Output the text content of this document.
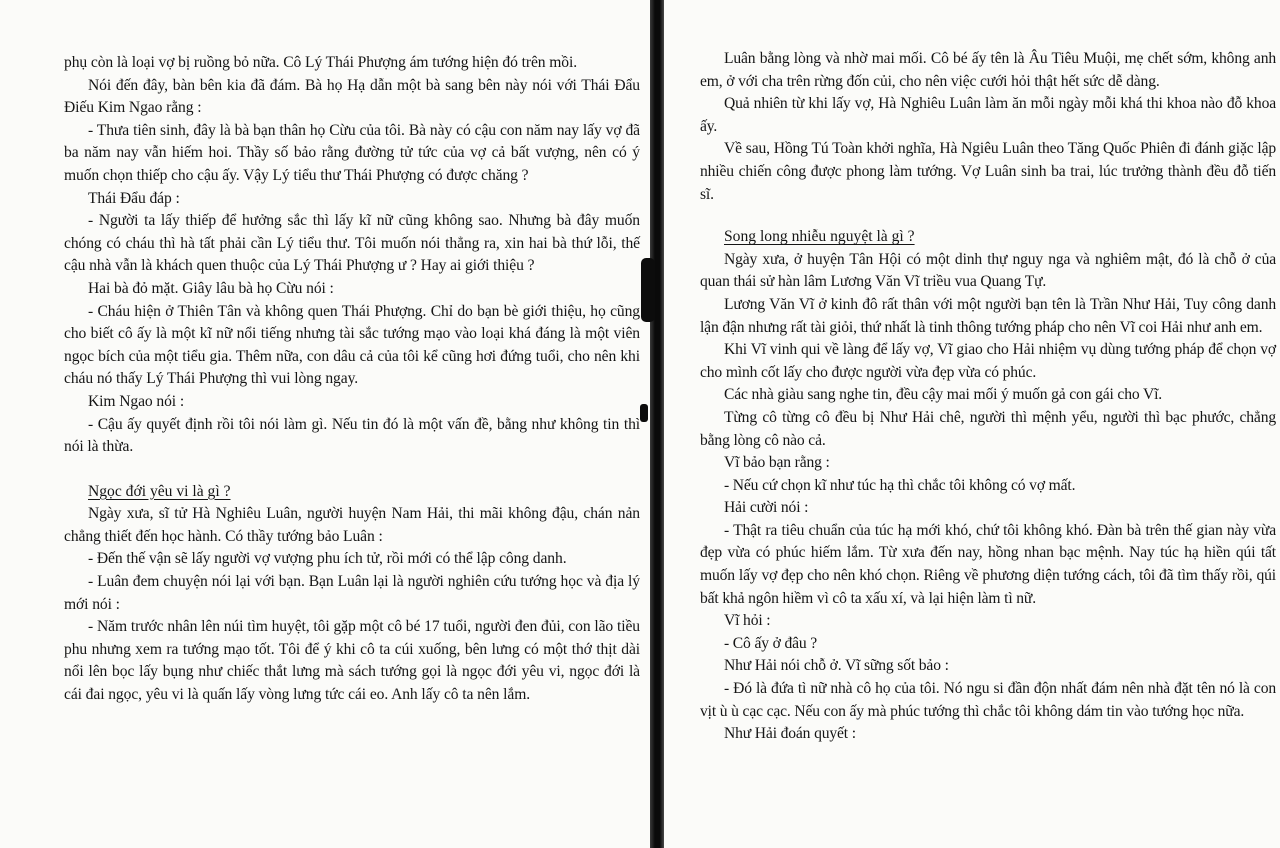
phụ còn là loại vợ bị ruồng bỏ nữa. Cô Lý Thái Phượng ám tướng hiện đó trên mồi.

Nói đến đây, bàn bên kia đã đám. Bà họ Hạ dẫn một bà sang bên này nói với Thái Đẩu Điếu Kim Ngao rằng :

- Thưa tiên sinh, đây là bà bạn thân họ Cừu của tôi. Bà này có cậu con năm nay lấy vợ đã ba năm nay vẫn hiếm hoi. Thầy số bảo rằng đường tử tức của vợ cả bất vượng, nên có ý muốn chọn thiếp cho cậu ấy. Vậy Lý tiểu thư Thái Phượng có được chăng ?

Thái Đẩu đáp :

- Người ta lấy thiếp để hưởng sắc thì lấy kĩ nữ cũng không sao. Nhưng bà đây muốn chóng có cháu thì hà tất phải cần Lý tiểu thư. Tôi muốn nói thẳng ra, xin hai bà thứ lỗi, thế cậu nhà vẫn là khách quen thuộc của Lý Thái Phượng ư ? Hay ai giới thiệu ?

Hai bà đỏ mặt. Giây lâu bà họ Cừu nói :

- Cháu hiện ở Thiên Tân và không quen Thái Phượng. Chỉ do bạn bè giới thiệu, họ cũng cho biết cô ấy là một kĩ nữ nổi tiếng nhưng tài sắc tướng mạo vào loại khá đáng là một viên ngọc bích của một tiểu gia. Thêm nữa, con dâu cả của tôi kể cũng hơi đứng tuổi, cho nên khi cháu nó thấy Lý Thái Phượng thì vui lòng ngay.

Kim Ngao nói :

- Cậu ấy quyết định rồi tôi nói làm gì. Nếu tin đó là một vấn đề, bằng như không tin thì nói là thừa.

Ngọc đới yêu vi là gì ?

Ngày xưa, sĩ tử Hà Nghiêu Luân, người huyện Nam Hải, thi mãi không đậu, chán nản chẳng thiết đến học hành. Có thầy tướng bảo Luân :

- Đến thế vận sẽ lấy người vợ vượng phu ích tử, rồi mới có thể lập công danh.

- Luân đem chuyện nói lại với bạn. Bạn Luân lại là người nghiên cứu tướng học và địa lý mới nói :

- Năm trước nhân lên núi tìm huyệt, tôi gặp một cô bé 17 tuổi, người đen đủi, con lão tiều phu nhưng xem ra tướng mạo tốt. Tôi để ý khi cô ta cúi xuống, bên lưng có một thớ thịt dài nổi lên bọc lấy bụng như chiếc thắt lưng mà sách tướng gọi là ngọc đới yêu vi, ngọc đới là cái đai ngọc, yêu vi là quấn lấy vòng lưng tức cái eo. Anh lấy cô ta nên lắm.

Luân bằng lòng và nhờ mai mối. Cô bé ấy tên là Âu Tiêu Muội, mẹ chết sớm, không anh em, ở với cha trên rừng đốn củi, cho nên việc cưới hỏi thật hết sức dễ dàng.

Quả nhiên từ khi lấy vợ, Hà Nghiêu Luân làm ăn mỗi ngày mỗi khá thi khoa nào đỗ khoa ấy.

Về sau, Hồng Tú Toàn khởi nghĩa, Hà Ngiêu Luân theo Tăng Quốc Phiên đi đánh giặc lập nhiều chiến công được phong làm tướng. Vợ Luân sinh ba trai, lúc trưởng thành đều đỗ tiến sĩ.

Song long nhiễu nguyệt là gì ?

Ngày xưa, ở huyện Tân Hội có một dinh thự nguy nga và nghiêm mật, đó là chỗ ở của quan thái sử hàn lâm Lương Văn Vĩ triều vua Quang Tự.

Lương Văn Vĩ ở kinh đô rất thân với một người bạn tên là Trần Như Hải, Tuy công danh lận đận nhưng rất tài giỏi, thứ nhất là tinh thông tướng pháp cho nên Vĩ coi Hải như anh em.

Khi Vĩ vinh qui về làng để lấy vợ, Vĩ giao cho Hải nhiệm vụ dùng tướng pháp để chọn vợ cho mình cốt lấy cho được người vừa đẹp vừa có phúc.

Các nhà giàu sang nghe tin, đều cậy mai mối ý muốn gả con gái cho Vĩ.

Từng cô từng cô đều bị Như Hải chê, người thì mệnh yểu, người thì bạc phước, chẳng bằng lòng cô nào cả.

Vĩ bảo bạn rằng :

- Nếu cứ chọn kĩ như túc hạ thì chắc tôi không có vợ mất.

Hải cười nói :

- Thật ra tiêu chuẩn của túc hạ mới khó, chứ tôi không khó. Đàn bà trên thế gian này vừa đẹp vừa có phúc hiếm lắm. Từ xưa đến nay, hồng nhan bạc mệnh. Nay túc hạ hiền qúi tất muốn lấy vợ đẹp cho nên khó chọn. Riêng về phương diện tướng cách, tôi đã tìm thấy rồi, qúi bất khả ngôn hiềm vì cô ta xấu xí, và lại hiện làm tì nữ.

Vĩ hỏi :

- Cô ấy ở đâu ?

Như Hải nói chỗ ở. Vĩ sững sốt bảo :

- Đó là đứa tì nữ nhà cô họ của tôi. Nó ngu si đần độn nhất đám nên nhà đặt tên nó là con vịt ù ù cạc cạc. Nếu con ấy mà phúc tướng thì chắc tôi không dám tin vào tướng học nữa.

Như Hải đoán quyết :
